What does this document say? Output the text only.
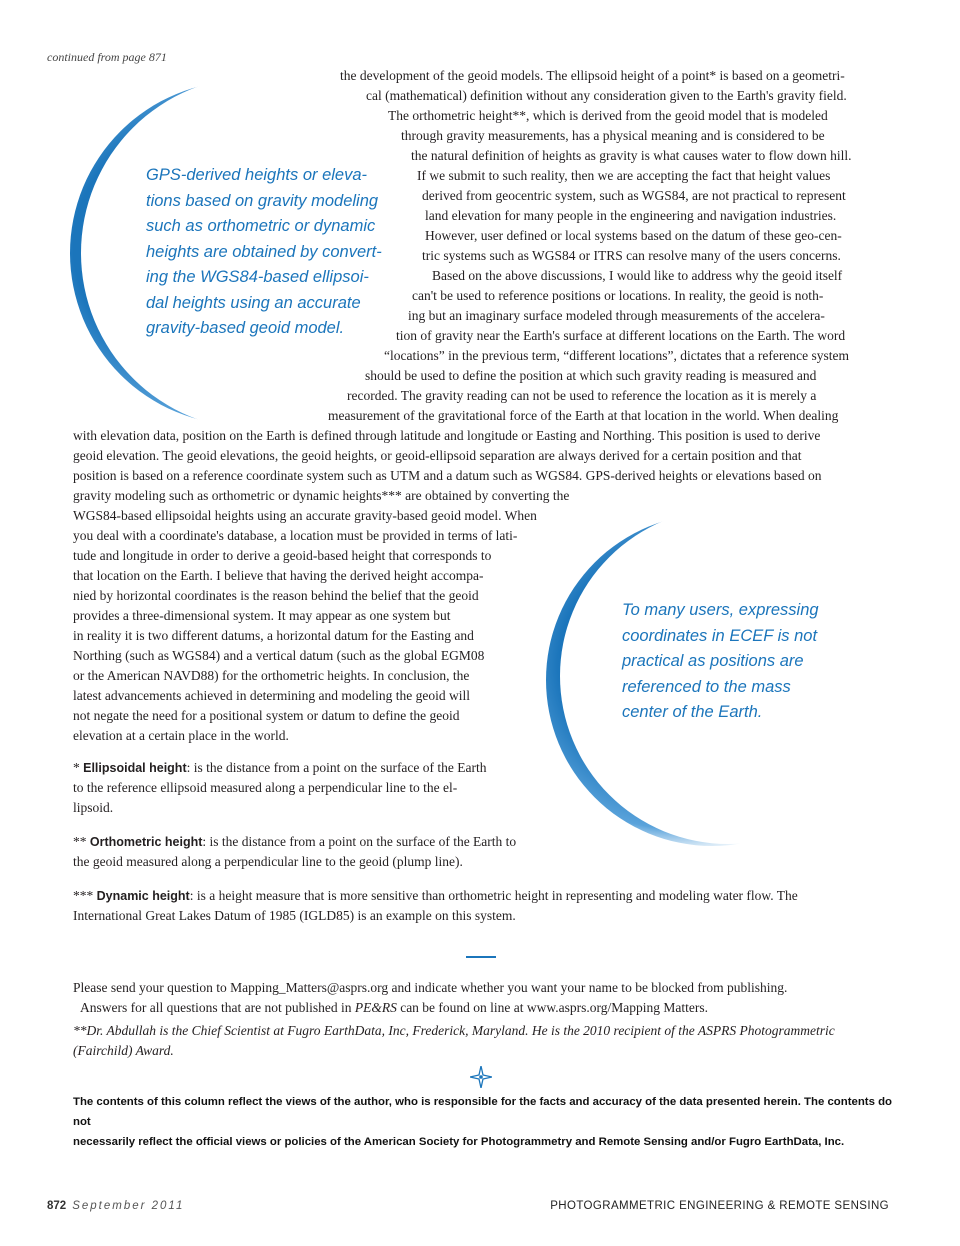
continued from page 871
the development of the geoid models. The ellipsoid height of a point* is based on a geometri-
cal (mathematical) definition without any consideration given to the Earth's gravity field.
The orthometric height**, which is derived from the geoid model that is modeled
through gravity measurements, has a physical meaning and is considered to be
the natural definition of heights as gravity is what causes water to flow down hill.
If we submit to such reality, then we are accepting the fact that height values
derived from geocentric system, such as WGS84, are not practical to represent
land elevation for many people in the engineering and navigation industries.
However, user defined or local systems based on the datum of these geo-cen-
tric systems such as WGS84 or ITRS can resolve many of the users concerns.
Based on the above discussions, I would like to address why the geoid itself
can't be used to reference positions or locations. In reality, the geoid is noth-
ing but an imaginary surface modeled through measurements of the accelera-
tion of gravity near the Earth's surface at different locations on the Earth. The word
“locations” in the previous term, “different locations”, dictates that a reference system
should be used to define the position at which such gravity reading is measured and
recorded. The gravity reading can not be used to reference the location as it is merely a
measurement of the gravitational force of the Earth at that location in the world. When dealing
with elevation data, position on the Earth is defined through latitude and longitude or Easting and Northing. This position is used to derive
geoid elevation. The geoid elevations, the geoid heights, or geoid-ellipsoid separation are always derived for a certain position and that
position is based on a reference coordinate system such as UTM and a datum such as WGS84. GPS-derived heights or elevations based on
gravity modeling such as orthometric or dynamic heights*** are obtained by converting the
WGS84-based ellipsoidal heights using an accurate gravity-based geoid model. When
you deal with a coordinate's database, a location must be provided in terms of lati-
tude and longitude in order to derive a geoid-based height that corresponds to
that location on the Earth. I believe that having the derived height accompa-
nied by horizontal coordinates is the reason behind the belief that the geoid
provides a three-dimensional system. It may appear as one system but
in reality it is two different datums, a horizontal datum for the Easting and
Northing (such as WGS84) and a vertical datum (such as the global EGM08
or the American NAVD88) for the orthometric heights. In conclusion, the
latest advancements achieved in determining and modeling the geoid will
not negate the need for a positional system or datum to define the geoid
elevation at a certain place in the world.
GPS-derived heights or eleva-
tions based on gravity modeling
such as orthometric or dynamic
heights are obtained by convert-
ing the WGS84-based ellipsoi-
dal heights using an accurate
gravity-based geoid model.
To many users, expressing
coordinates in ECEF is not
practical as positions are
referenced to the mass
center of the Earth.
* Ellipsoidal height: is the distance from a point on the surface of the Earth
to the reference ellipsoid measured along a perpendicular line to the el-
lipsoid.
** Orthometric height: is the distance from a point on the surface of the Earth to
the geoid measured along a perpendicular line to the geoid (plump line).
*** Dynamic height: is a height measure that is more sensitive than orthometric height in representing and modeling water flow. The
International Great Lakes Datum of 1985 (IGLD85) is an example on this system.
Please send your question to Mapping_Matters@asprs.org and indicate whether you want your name to be blocked from publishing.
Answers for all questions that are not published in PE&RS can be found on line at www.asprs.org/Mapping Matters.
**Dr. Abdullah is the Chief Scientist at Fugro EarthData, Inc, Frederick, Maryland. He is the 2010 recipient of the ASPRS Photogrammetric
(Fairchild) Award.
The contents of this column reflect the views of the author, who is responsible for the facts and accuracy of the data presented herein. The contents do not
necessarily reflect the official views or policies of the American Society for Photogrammetry and Remote Sensing and/or Fugro EarthData, Inc.
872 September 2011	PHOTOGRAMMETRIC ENGINEERING & REMOTE SENSING
